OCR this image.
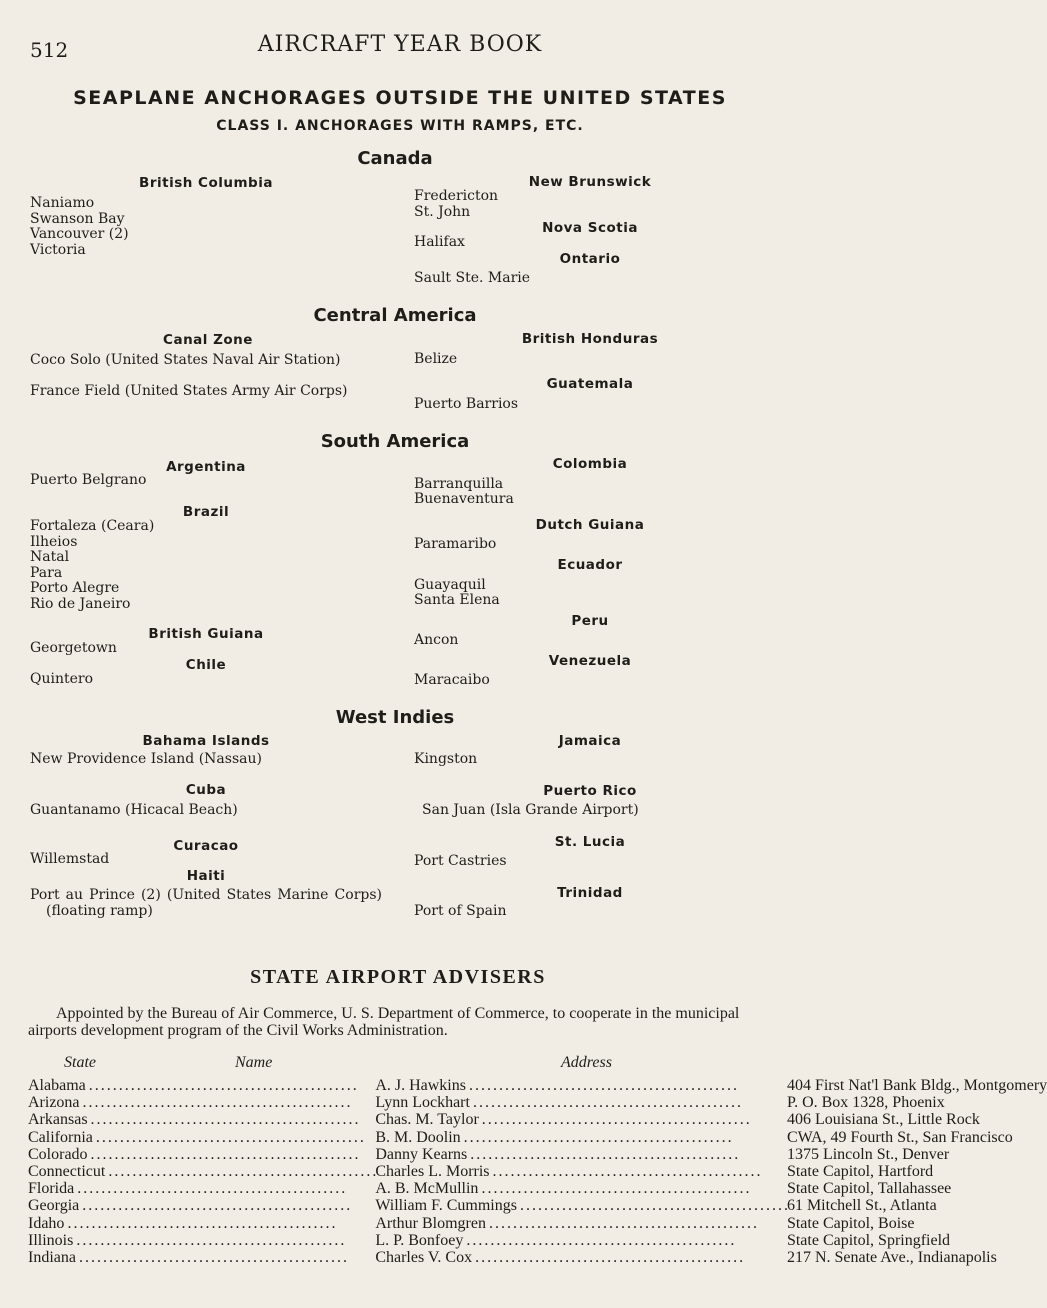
512	AIRCRAFT YEAR BOOK
SEAPLANE ANCHORAGES OUTSIDE THE UNITED STATES
CLASS I. ANCHORAGES WITH RAMPS, ETC.
Canada
British Columbia
Naniamo
Swanson Bay
Vancouver (2)
Victoria
New Brunswick
Fredericton
St. John
Nova Scotia
Halifax
Ontario
Sault Ste. Marie
Central America
Canal Zone
Coco Solo (United States Naval Air Station)
France Field (United States Army Air Corps)
British Honduras
Belize
Guatemala
Puerto Barrios
South America
Argentina
Puerto Belgrano
Brazil
Fortaleza (Ceara)
Ilheios
Natal
Para
Porto Alegre
Rio de Janeiro
British Guiana
Georgetown
Chile
Quintero
Colombia
Barranquilla
Buenaventura
Dutch Guiana
Paramaribo
Ecuador
Guayaquil
Santa Elena
Peru
Ancon
Venezuela
Maracaibo
West Indies
Bahama Islands
New Providence Island (Nassau)
Cuba
Guantanamo (Hicacal Beach)
Curacao
Willemstad
Haiti
Port au Prince (2) (United States Marine Corps) (floating ramp)
Jamaica
Kingston
Puerto Rico
San Juan (Isla Grande Airport)
St. Lucia
Port Castries
Trinidad
Port of Spain
STATE AIRPORT ADVISERS
Appointed by the Bureau of Air Commerce, U. S. Department of Commerce, to cooperate in the municipal airports development program of the Civil Works Administration.
State	Name	Address
Alabama . . .	A. J. Hawkins . . .	404 First Nat'l Bank Bldg., Montgomery

Arizona . . .	Lynn Lockhart . . .	P. O. Box 1328, Phoenix

Arkansas . . .	Chas. M. Taylor . . .	406 Louisiana St., Little Rock

California . . .	B. M. Doolin . . .	CWA, 49 Fourth St., San Francisco

Colorado . . .	Danny Kearns . . .	1375 Lincoln St., Denver

Connecticut . . .	Charles L. Morris . . .	State Capitol, Hartford

Florida . . .	A. B. McMullin . . .	State Capitol, Tallahassee

Georgia . . .	William F. Cummings . . .	61 Mitchell St., Atlanta

Idaho . . .	Arthur Blomgren . . .	State Capitol, Boise

Illinois . . .	L. P. Bonfoey . . .	State Capitol, Springfield

Indiana . . .	Charles V. Cox . . .	217 N. Senate Ave., Indianapolis
